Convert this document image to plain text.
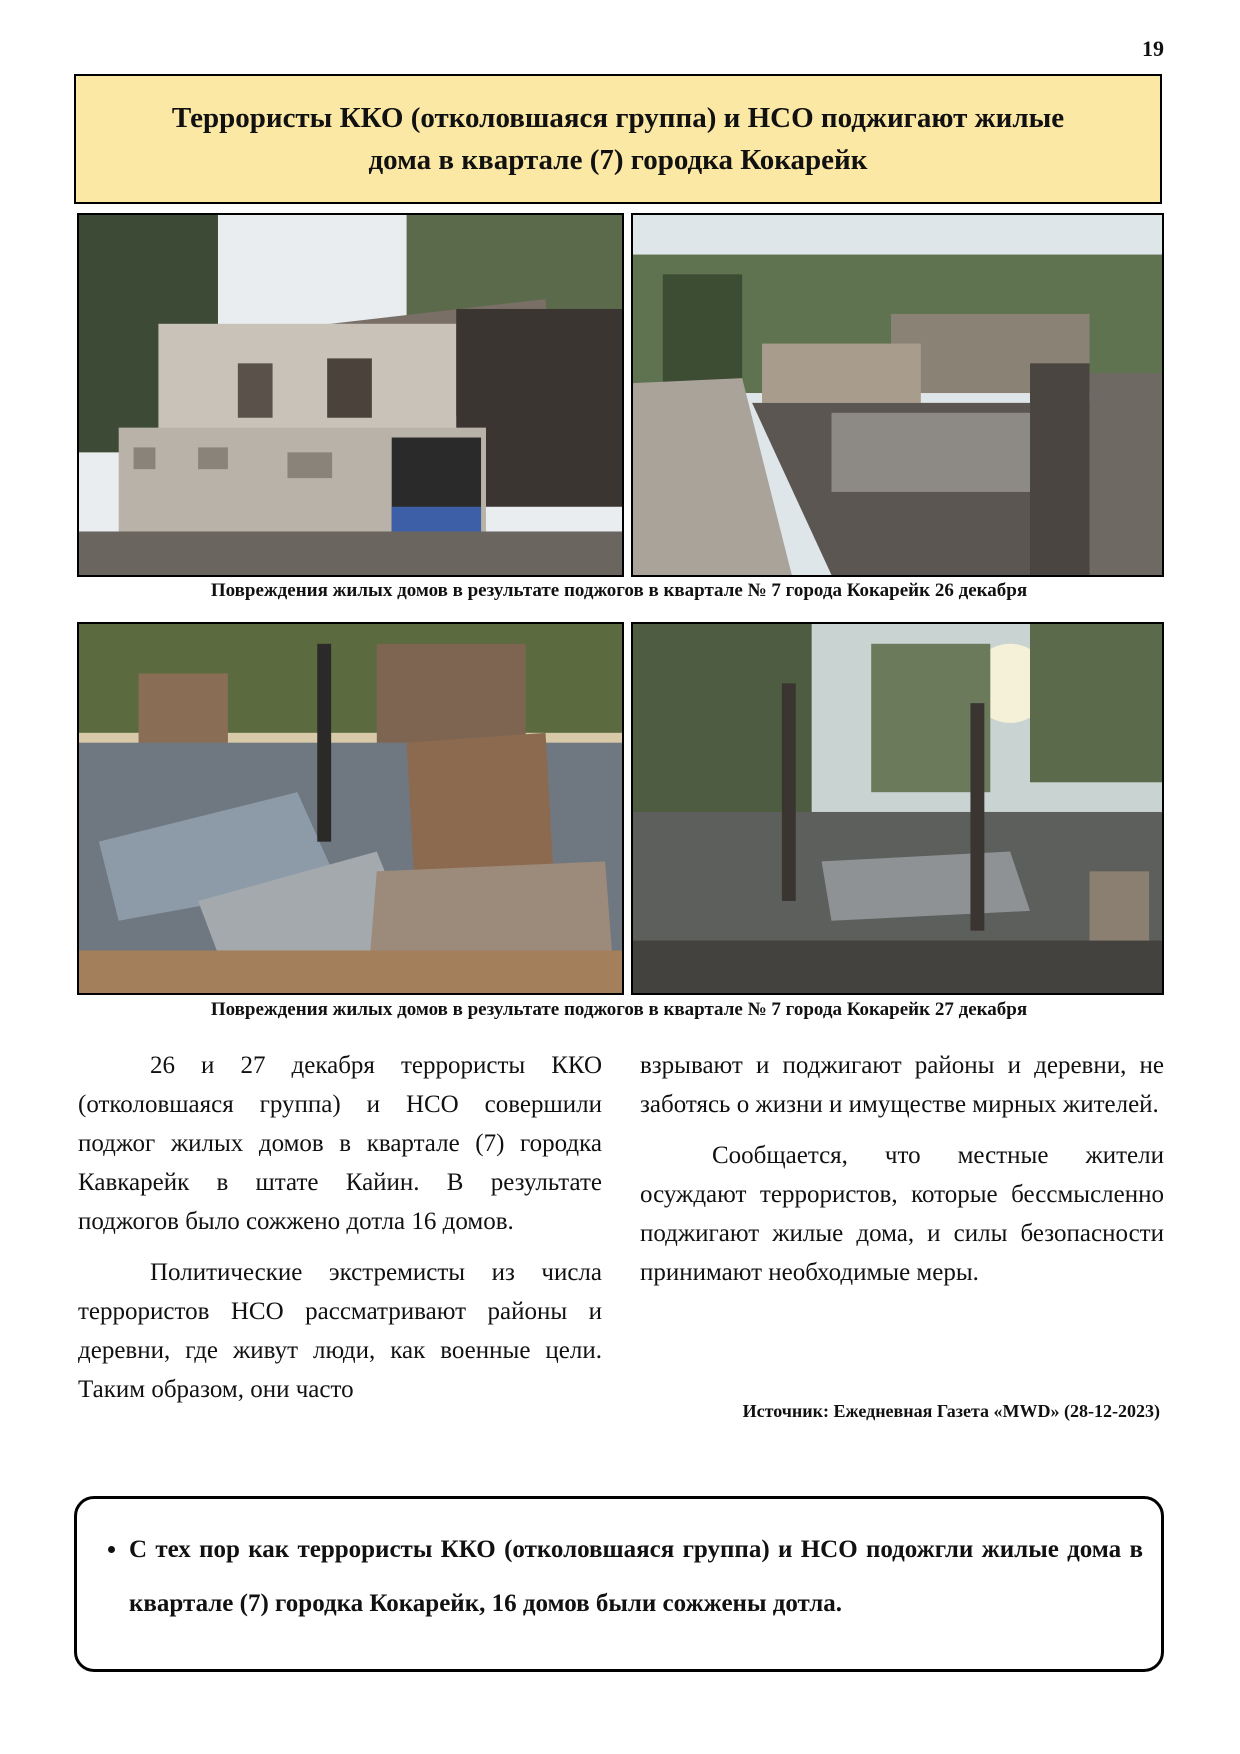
19
Террористы ККО (отколовшаяся группа) и НСО поджигают жилые
дома в квартале (7) городка Кокарейк
Повреждения жилых домов в результате поджогов в квартале № 7 города Кокарейк 26 декабря
Повреждения жилых домов в результате поджогов в квартале № 7 города Кокарейк 27 декабря

26 и 27 декабря террористы ККО (отколовшаяся группа) и НСО совершили поджог жилых домов в квартале (7) городка Кавкарейк в штате Кайин. В результате поджогов было сожжено дотла 16 домов.

Политические экстремисты из числа террористов НСО рассматривают районы и деревни, где живут люди, как военные цели. Таким образом, они часто

взрывают и поджигают районы и деревни, не заботясь о жизни и имуществе мирных жителей.

Сообщается, что местные жители осуждают террористов, которые бессмысленно поджигают жилые дома, и силы безопасности принимают необходимые меры.

Источник: Ежедневная Газета «MWD» (28-12-2023)
• С тех пор как террористы ККО (отколовшаяся группа) и НСО подожгли жилые дома в квартале (7) городка Кокарейк, 16 домов были сожжены дотла.
